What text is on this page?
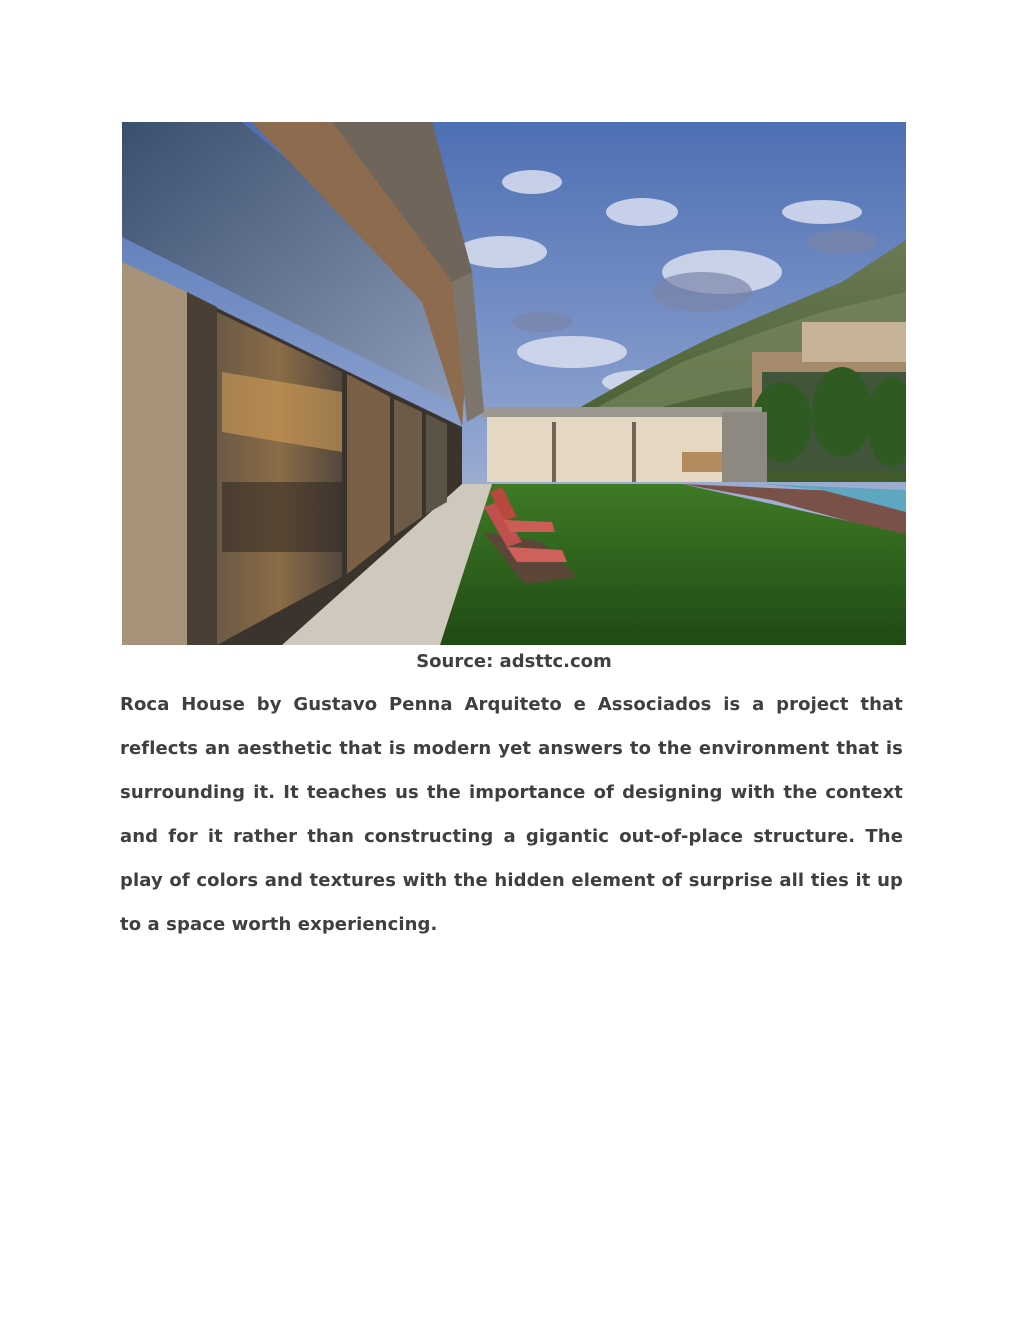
Source: adsttc.com

Roca House by Gustavo Penna Arquiteto e Associados is a project that reflects an aesthetic that is modern yet answers to the environment that is surrounding it. It teaches us the importance of designing with the context and for it rather than constructing a gigantic out-of-place structure. The play of colors and textures with the hidden element of surprise all ties it up to a space worth experiencing.
